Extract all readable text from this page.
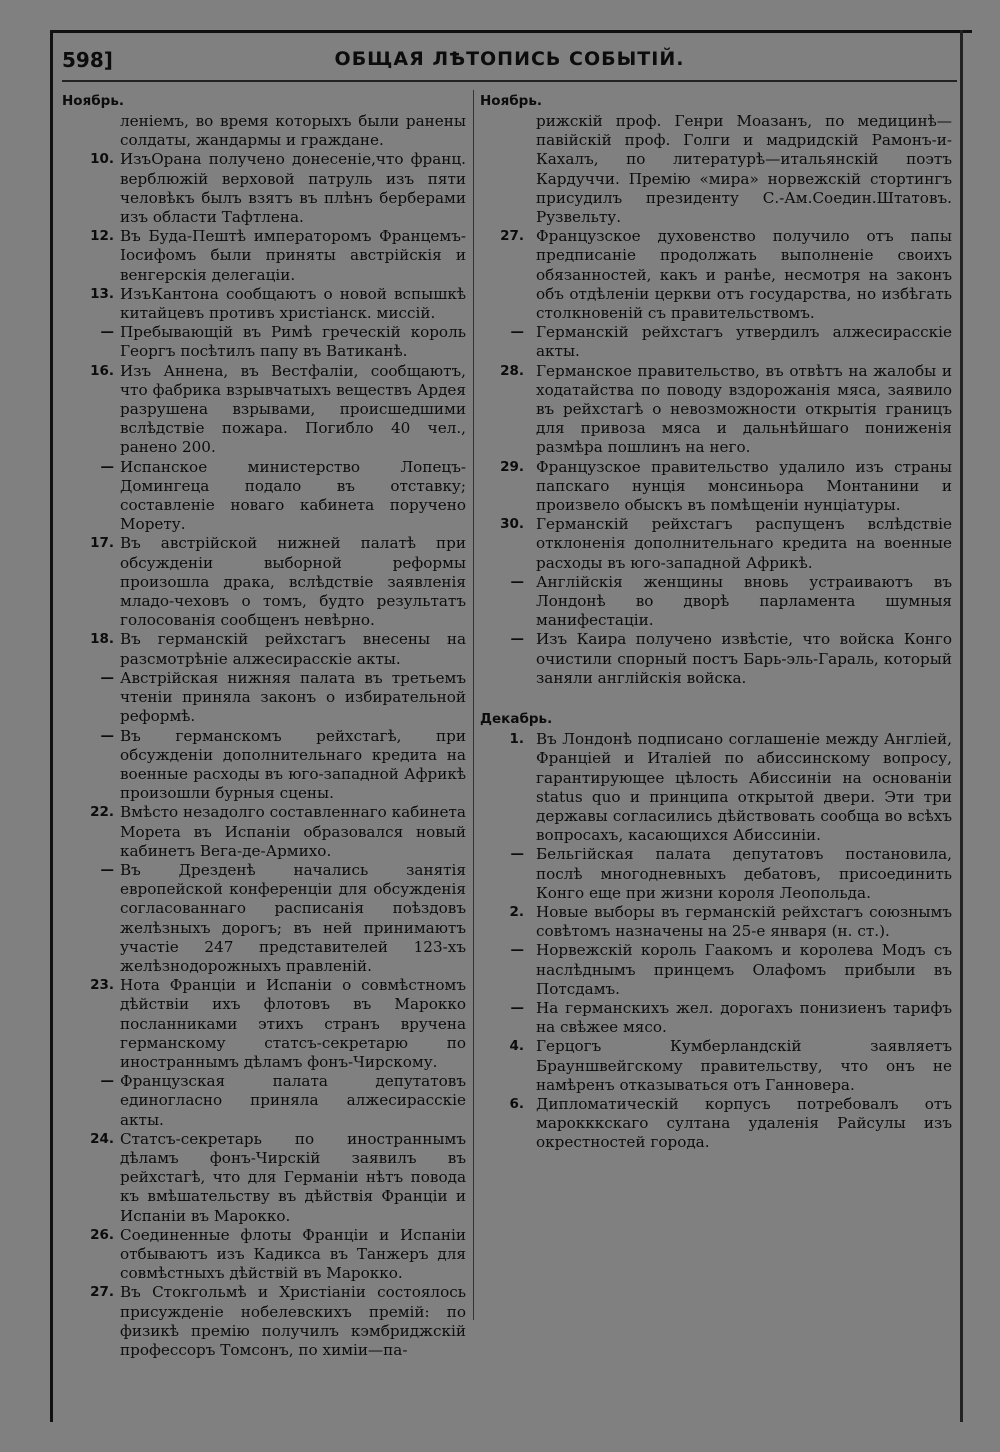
598]	ОБЩАЯ ЛѢТОПИСЬ СОБЫТІЙ.
Ноябрь.
леніемъ, во время которыхъ были ранены солдаты, жандармы и граждане.
10. ИзъОрана получено донесеніе,что франц. верблюжій верховой патруль изъ пяти человѣкъ былъ взятъ въ плѣнъ берберами изъ области Тафтлена.
12. Въ Буда-Пештѣ императоромъ Францемъ-Іосифомъ были приняты австрійскія и венгерскія делегаціи.
13. ИзъКантона сообщаютъ о новой вспышкѣ китайцевъ противъ христіанск. миссій.
— Пребывающій въ Римѣ греческій король Георгъ посѣтилъ папу въ Ватиканѣ.
16. Изъ Аннена, въ Вестфаліи, сообщаютъ, что фабрика взрывчатыхъ веществъ Ардея разрушена взрывами, происшедшими вслѣдствіе пожара. Погибло 40 чел., ранено 200.
— Испанское министерство Лопецъ-Домингеца подало въ отставку; составленіе новаго кабинета поручено Морету.
17. Въ австрійской нижней палатѣ при обсужденіи выборной реформы произошла драка, вслѣдствіе заявленія младо-чеховъ о томъ, будто результатъ голосованія сообщенъ невѣрно.
18. Въ германскій рейхстагъ внесены на разсмотрѣніе алжесирасскіе акты.
— Австрійская нижняя палата въ третьемъ чтеніи приняла законъ о избирательной реформѣ.
— Въ германскомъ рейхстагѣ, при обсужденіи дополнительнаго кредита на военные расходы въ юго-западной Африкѣ произошли бурныя сцены.
22. Вмѣсто незадолго составленнаго кабинета Морета въ Испаніи образовался новый кабинетъ Вега-де-Армихо.
— Въ Дрезденѣ начались занятія европейской конференціи для обсужденія согласованнаго расписанія поѣздовъ желѣзныхъ дорогъ; въ ней принимаютъ участіе 247 представителей 123-хъ желѣзнодорожныхъ правленій.
23. Нота Франціи и Испаніи о совмѣстномъ дѣйствіи ихъ флотовъ въ Марокко посланниками этихъ странъ вручена германскому статсъ-секретарю по иностраннымъ дѣламъ фонъ-Чирскому.
— Французская палата депутатовъ единогласно приняла алжесирасскіе акты.
24. Статсъ-секретарь по иностраннымъ дѣламъ фонъ-Чирскій заявилъ въ рейхстагѣ, что для Германіи нѣтъ повода къ вмѣшательству въ дѣйствія Франціи и Испаніи въ Марокко.
26. Соединенные флоты Франціи и Испаніи отбываютъ изъ Кадикса въ Танжеръ для совмѣстныхъ дѣйствій въ Марокко.
27. Въ Стокгольмѣ и Христіаніи состоялось присужденіе нобелевскихъ премій: по физикѣ премію получилъ кэмбриджскій профессоръ Томсонъ, по химіи—па-
Ноябрь.
рижскій проф. Генри Моазанъ, по медицинѣ—павійскій проф. Голги и мадридскій Рамонъ-и-Кахалъ, по литературѣ—итальянскій поэтъ Кардуччи. Премію «мира» норвежскій стортингъ присудилъ президенту С.-Ам.Соедин.Штатовъ. Рузвельту.
27. Французское духовенство получило отъ папы предписаніе продолжать выполненіе своихъ обязанностей, какъ и ранѣе, несмотря на законъ объ отдѣленіи церкви отъ государства, но избѣгать столкновеній съ правительствомъ.
— Германскій рейхстагъ утвердилъ алжесирасскіе акты.
28. Германское правительство, въ отвѣтъ на жалобы и ходатайства по поводу вздорожанія мяса, заявило въ рейхстагѣ о невозможности открытія границъ для привоза мяса и дальнѣйшаго пониженія размѣра пошлинъ на него.
29. Французское правительство удалило изъ страны папскаго нунція монсиньора Монтанини и произвело обыскъ въ помѣщеніи нунціатуры.
30. Германскій рейхстагъ распущенъ вслѣдствіе отклоненія дополнительнаго кредита на военные расходы въ юго-западной Африкѣ.
— Англійскія женщины вновь устраиваютъ въ Лондонѣ во дворѣ парламента шумныя манифестаціи.
— Изъ Каира получено извѣстіе, что войска Конго очистили спорный постъ Барь-эль-Гараль, который заняли англійскія войска.
Декабрь.
1. Въ Лондонѣ подписано соглашеніе между Англіей, Франціей и Италіей по абиссинскому вопросу, гарантирующее цѣлость Абиссиніи на основаніи status quo и принципа открытой двери. Эти три державы согласились дѣйствовать сообща во всѣхъ вопросахъ, касающихся Абиссиніи.
— Бельгійская палата депутатовъ постановила, послѣ многодневныхъ дебатовъ, присоединить Конго еще при жизни короля Леопольда.
2. Новые выборы въ германскій рейхстагъ союзнымъ совѣтомъ назначены на 25-е января (н. ст.).
— Норвежскій король Гаакомъ и королева Модъ съ наслѣднымъ принцемъ Олафомъ прибыли въ Потсдамъ.
— На германскихъ жел. дорогахъ понизиенъ тарифъ на свѣжее мясо.
4. Герцогъ Кумберландскій заявляетъ Брауншвейгскому правительству, что онъ не намѣренъ отказываться отъ Ганновера.
6. Дипломатическій корпусъ потребовалъ отъ марокккскаго султана удаленія Райсулы изъ окрестностей города.
